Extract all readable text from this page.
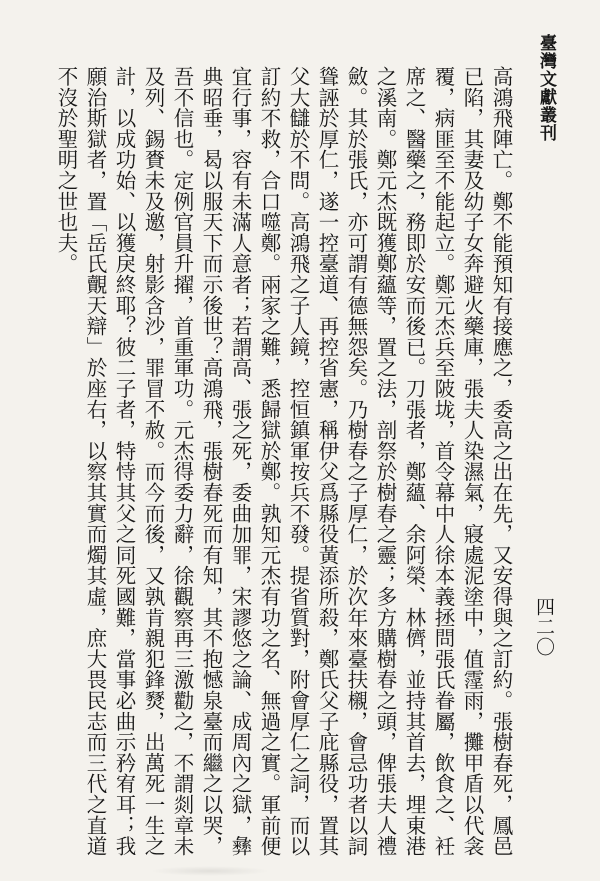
臺灣文獻叢刊
四二〇
高鴻飛陣亡。鄭不能預知有接應之，委高之出在先，又安得與之訂約。張樹春死，鳳邑
已陷，其妻及幼子女奔避火藥庫，張夫人染濕氣，寢處泥塗中，值霪雨，攤甲盾以代衾
覆，病匪至不能起立。鄭元杰兵至陂垅，首令幕中人徐本義拯問張氏眷屬，飲食之、衽
席之、醫藥之，務即於安而後已。刀張者，鄭蘊、余阿榮、林儕，並持其首去，埋東港
之溪南。鄭元杰既獲鄭蘊等，置之法，剖祭於樹春之靈；多方購樹春之頭，俾張夫人禮
斂。其於張氏，亦可謂有德無怨矣。乃樹春之子厚仁，於次年來臺扶櫬，會忌功者以詞
聳誣於厚仁，遂一控臺道、再控省憲，稱伊父爲縣役黃添所殺，鄭氏父子庇縣役，置其
父大讎於不問。高鴻飛之子人鏡，控恒鎮軍按兵不發。提省質對，附會厚仁之詞，而以
訂約不救，合口噬鄭。兩家之難，悉歸獄於鄭。孰知元杰有功之名、無過之實。軍前便
宜行事，容有未滿人意者；若謂高、張之死，委曲加罪，宋謬悠之論、成周內之獄，彝
典昭垂，曷以服天下而示後世？高鴻飛，張樹春死而有知，其不抱憾泉臺而繼之以哭，
吾不信也。定例官員升擢，首重軍功。元杰得委力辭，徐觀察再三激勸之，不謂剡章未
及列、錫賚未及邀，射影含沙，罪冒不赦。而今而後，又孰肯親犯鋒燹，出萬死一生之
計，以成功始、以獲戾終耶？彼二子者，特恃其父之同死國難，當事必曲示矜宥耳；我
願治斯獄者，置「岳氏覿天辯」於座右，以察其實而燭其虛，庶大畏民志而三代之直道
不沒於聖明之世也夫。
